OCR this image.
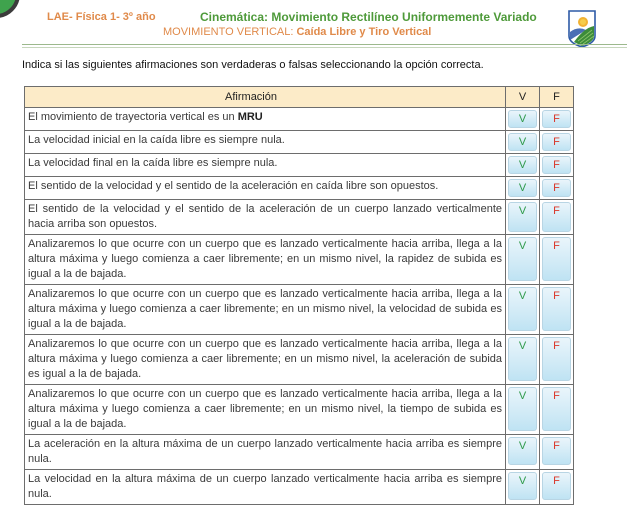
LAE- Física 1- 3º año	Cinemática: Movimiento Rectilíneo Uniformemente Variado
MOVIMIENTO VERTICAL: Caída Libre y Tiro Vertical
Indica si las siguientes afirmaciones son verdaderas o falsas seleccionando la opción correcta.
Afirmación	V	F
El movimiento de trayectoria vertical es un MRU	V	F

La velocidad inicial en la caída libre es siempre nula.	V	F

La velocidad final en la caída libre es siempre nula.	V	F

El sentido de la velocidad y el sentido de la aceleración en caída libre son opuestos.	V	F

El sentido de la velocidad y el sentido de la aceleración de un cuerpo lanzado verticalmente hacia arriba son opuestos.	V	F

Analizaremos lo que ocurre con un cuerpo que es lanzado verticalmente hacia arriba, llega a la altura máxima y luego comienza a caer libremente; en un mismo nivel, la rapidez de subida es igual a la de bajada.	V	F

Analizaremos lo que ocurre con un cuerpo que es lanzado verticalmente hacia arriba, llega a la altura máxima y luego comienza a caer libremente; en un mismo nivel, la velocidad de subida es igual a la de bajada.	V	F

Analizaremos lo que ocurre con un cuerpo que es lanzado verticalmente hacia arriba, llega a la altura máxima y luego comienza a caer libremente; en un mismo nivel, la aceleración de subida es igual a la de bajada.	V	F

Analizaremos lo que ocurre con un cuerpo que es lanzado verticalmente hacia arriba, llega a la altura máxima y luego comienza a caer libremente; en un mismo nivel, la tiempo de subida es igual a la de bajada.	V	F

La aceleración en la altura máxima de un cuerpo lanzado verticalmente hacia arriba es siempre nula.	V	F

La velocidad en la altura máxima de un cuerpo lanzado verticalmente hacia arriba es siempre nula.	V	F
